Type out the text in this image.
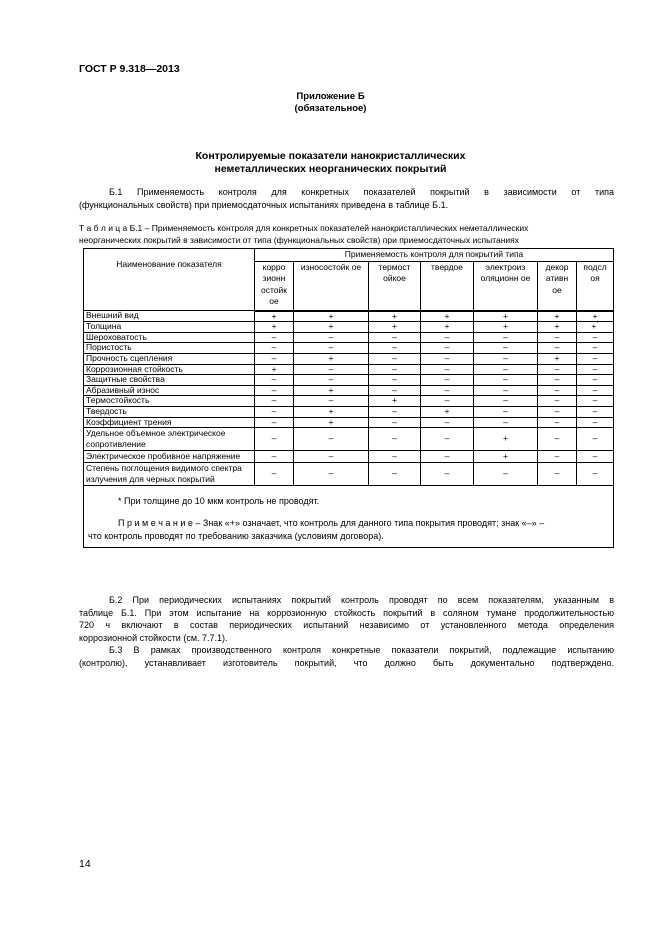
ГОСТ Р 9.318—2013
Приложение Б
(обязательное)
Контролируемые показатели нанокристаллических
неметаллических неорганических покрытий
Б.1 Применяемость контроля для конкретных показателей покрытий в зависимости от типа
(функциональных свойств) при приемосдаточных испытаниях приведена в таблице Б.1.
Т а б л и ц а Б.1 – Применяемость контроля для конкретных показателей нанокристаллических неметаллических
неорганических покрытий в зависимости от типа (функциональных свойств) при приемосдаточных испытаниях
Наименование показателя	Применяемость контроля для покрытий типа						
	корро зионн остойк ое	износостойк ое	термост ойкое	твердое	электроиз оляционн ое	декор ативн ое	подсл оя
Внешний вид	+	+	+	+	+	+	+
Толщина	+	+	+	+	+	+	+*
Шероховатость	–	–	–	–	–	–	–
Пористость	–	–	–	–	–	–	–
Прочность сцепления	–	+	–	–	–	+	–
Коррозионная стойкость	+	–	–	–	–	–	–
Защитные свойства	–	–	–	–	–	–	–
Абразивный износ	–	+	–	–	–	–	–
Термостойкость	–	–	+	–	–	–	–
Твердость	–	+	–	+	–	–	–
Коэффициент трения	–	+	–	–	–	–	–
Удельное объемное электрическое сопротивление	–	–	–	–	+	–	–
Электрическое пробивное напряжение	–	–	–	–	+	–	–
Степень поглощения видимого спектра излучения для черных покрытий	–	–	–	–	–	–	–

* При толщине до 10 мкм контроль не проводят.
П р и м е ч а н и е – Знак «+» означает, что контроль для данного типа покрытия проводят; знак «–» –
что контроль проводят по требованию заказчика (условиям договора).							
Б.2 При периодических испытаниях покрытий контроль проводят по всем показателям, указанным в
таблице Б.1. При этом испытание на коррозионную стойкость покрытий в соляном тумане продолжительностью
720 ч включают в состав периодических испытаний независимо от установленного метода определения
коррозионной стойкости (см. 7.7.1).
Б.3 В рамках производственного контроля конкретные показатели покрытий, подлежащие испытанию
(контролю), устанавливает изготовитель покрытий, что должно быть документально подтверждено.
14
